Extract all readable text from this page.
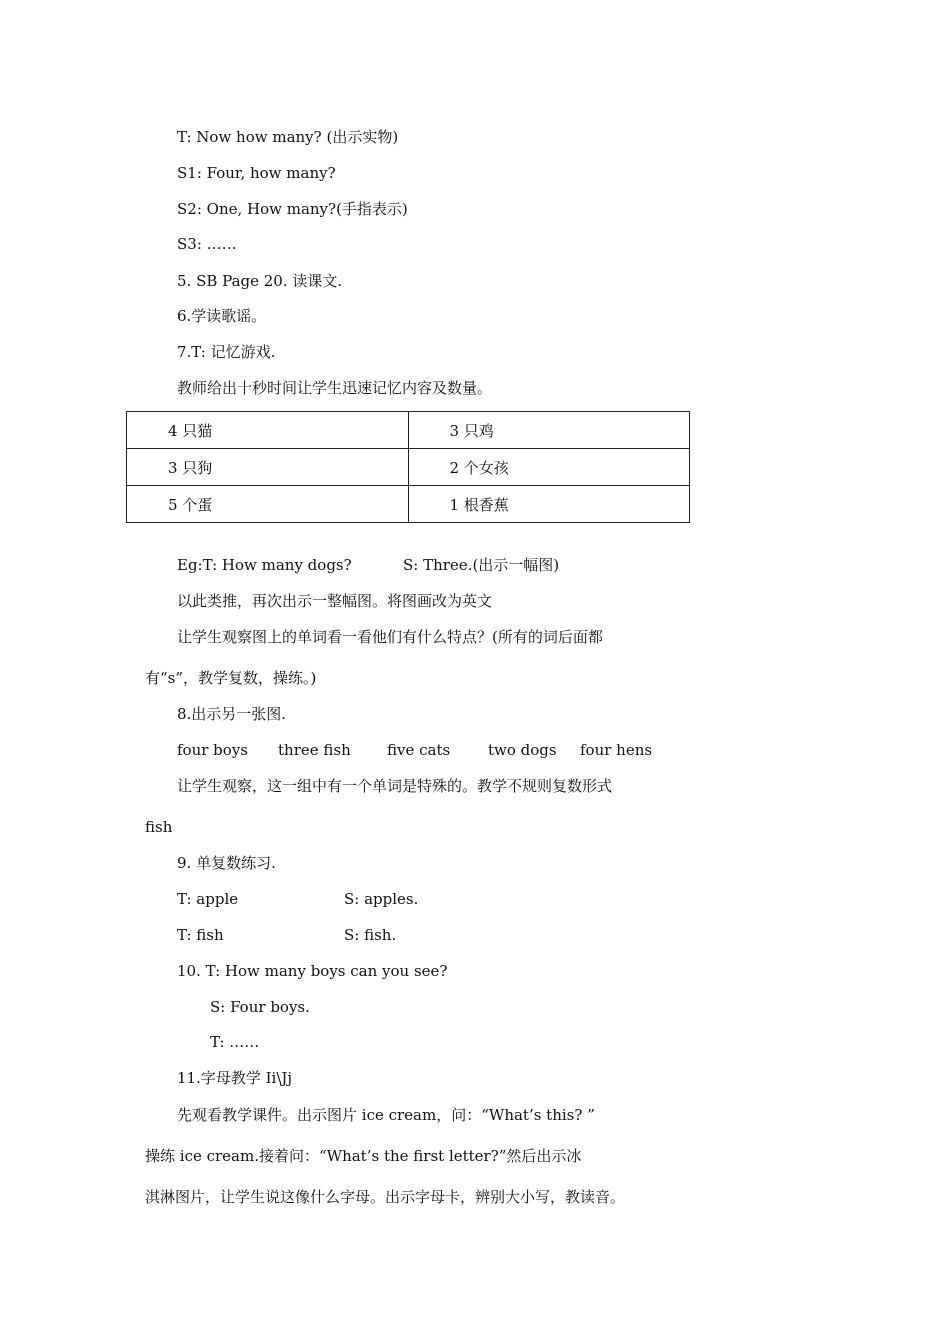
T: Now how many? (出示实物)
S1: Four, how many?
S2: One, How many?(手指表示)
S3: ……
5. SB Page 20. 读课文.
6.学读歌谣。
7.T: 记忆游戏.
教师给出十秒时间让学生迅速记忆内容及数量。
4 只猫	3 只鸡
3 只狗	2 个女孩
5 个蛋	1 根香蕉
Eg:T: How many dogs?	S: Three.(出示一幅图)
以此类推，再次出示一整幅图。将图画改为英文
让学生观察图上的单词看一看他们有什么特点？(所有的词后面都
有“s”，教学复数，操练。)
8.出示另一张图.
four boys three fish five cats	two dogs four hens
让学生观察，这一组中有一个单词是特殊的。教学不规则复数形式
fish
9. 单复数练习.
T: apple	S: apples.
T: fish	S: fish.
10. T: How many boys can you see?
S: Four boys.
T: ……
11.字母教学 Ii\Jj
先观看教学课件。出示图片 ice cream，问：“What’s this? ”
操练 ice cream.接着问：“What’s the first letter?”然后出示冰
淇淋图片，让学生说这像什么字母。出示字母卡，辨别大小写，教读音。
